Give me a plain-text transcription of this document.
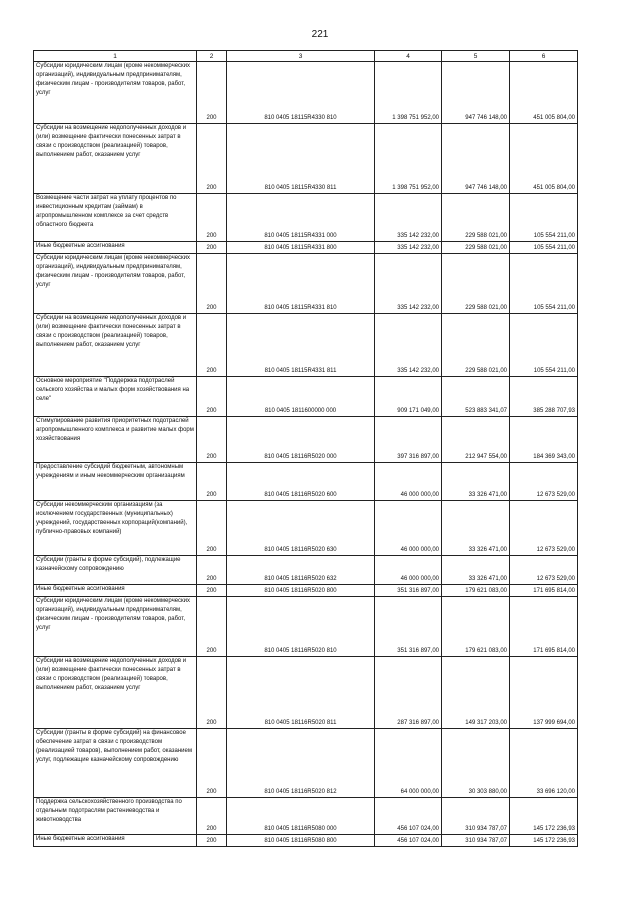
221
1	2	3	4	5	6
Субсидии юридическим лицам (кроме некоммерческих организаций), индивидуальным предпринимателям, физическим лицам - производителям товаров, работ, услуг	200	810 0405 18115R4330 810	1 398 751 952,00	947 746 148,00	451 005 804,00
Субсидии на возмещение недополученных доходов и (или) возмещение фактически понесенных затрат в связи с производством (реализацией) товаров, выполнением работ, оказанием услуг	200	810 0405 18115R4330 811	1 398 751 952,00	947 746 148,00	451 005 804,00
Возмещение части затрат на уплату процентов по инвестиционным кредитам (займам) в агропромышленном комплексе за счет средств областного бюджета	200	810 0405 18115R4331 000	335 142 232,00	229 588 021,00	105 554 211,00
Иные бюджетные ассигнования	200	810 0405 18115R4331 800	335 142 232,00	229 588 021,00	105 554 211,00
Субсидии юридическим лицам (кроме некоммерческих организаций), индивидуальным предпринимателям, физическим лицам - производителям товаров, работ, услуг	200	810 0405 18115R4331 810	335 142 232,00	229 588 021,00	105 554 211,00
Субсидии на возмещение недополученных доходов и (или) возмещение фактически понесенных затрат в связи с производством (реализацией) товаров, выполнением работ, оказанием услуг	200	810 0405 18115R4331 811	335 142 232,00	229 588 021,00	105 554 211,00
Основное мероприятие "Поддержка подотраслей сельского хозяйства и малых форм хозяйствования на селе"	200	810 0405 1811600000 000	909 171 049,00	523 883 341,07	385 288 707,93
Стимулирование развития приоритетных подотраслей агропромышленного комплекса и развитие малых форм хозяйствования	200	810 0405 18116R5020 000	397 316 897,00	212 947 554,00	184 369 343,00
Предоставление субсидий бюджетным, автономным учреждениям и иным некоммерческим организациям	200	810 0405 18116R5020 600	46 000 000,00	33 326 471,00	12 673 529,00
Субсидии некоммерческим организациям (за исключением государственных (муниципальных) учреждений, государственных корпораций(компаний), публично-правовых компаний)	200	810 0405 18116R5020 630	46 000 000,00	33 326 471,00	12 673 529,00
Субсидии (гранты в форме субсидий), подлежащие казначейскому сопровождению	200	810 0405 18116R5020 632	46 000 000,00	33 326 471,00	12 673 529,00
Иные бюджетные ассигнования	200	810 0405 18116R5020 800	351 316 897,00	179 621 083,00	171 695 814,00
Субсидии юридическим лицам (кроме некоммерческих организаций), индивидуальным предпринимателям, физическим лицам - производителям товаров, работ, услуг	200	810 0405 18116R5020 810	351 316 897,00	179 621 083,00	171 695 814,00
Субсидии на возмещение недополученных доходов и (или) возмещение фактически понесенных затрат в связи с производством (реализацией) товаров, выполнением работ, оказанием услуг	200	810 0405 18116R5020 811	287 316 897,00	149 317 203,00	137 999 694,00
Субсидии (гранты в форме субсидий) на финансовое обеспечение затрат в связи с производством (реализацией товаров), выполнением работ, оказанием услуг, подлежащие казначейскому сопровождению	200	810 0405 18116R5020 812	64 000 000,00	30 303 880,00	33 696 120,00
Поддержка сельскохозяйственного производства по отдельным подотраслям растениеводства и животноводства	200	810 0405 18116R5080 000	456 107 024,00	310 934 787,07	145 172 236,93
Иные бюджетные ассигнования	200	810 0405 18116R5080 800	456 107 024,00	310 934 787,07	145 172 236,93
